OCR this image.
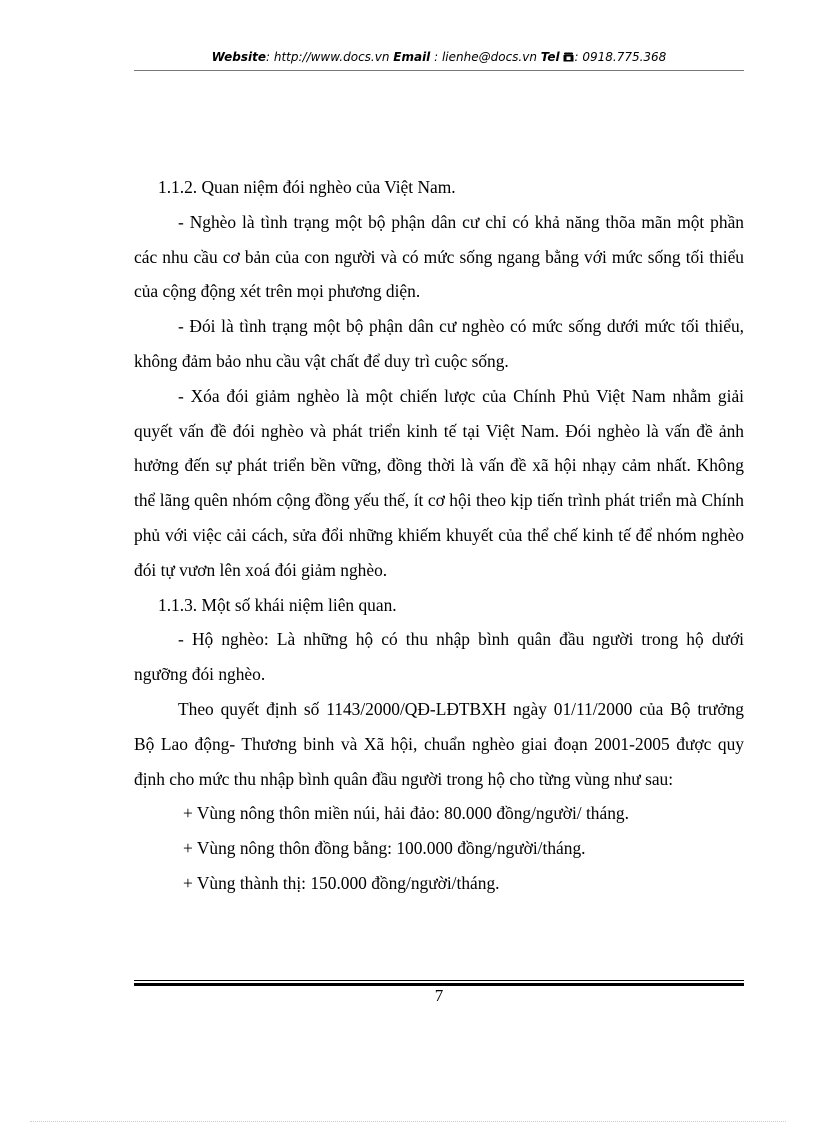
Website: http://www.docs.vn Email : lienhe@docs.vn Tel : 0918.775.368

1.1.2. Quan niệm đói nghèo của Việt Nam.

- Nghèo là tình trạng một bộ phận dân cư chỉ có khả năng thõa mãn một phần các nhu cầu cơ bản của con người và có mức sống ngang bằng với mức sống tối thiểu của cộng động xét trên mọi phương diện.

- Đói là tình trạng một bộ phận dân cư nghèo có mức sống dưới mức tối thiểu, không đảm bảo nhu cầu vật chất để duy trì cuộc sống.

- Xóa đói giảm nghèo là một chiến lược của Chính Phủ Việt Nam nhằm giải quyết vấn đề đói nghèo và phát triển kinh tế tại Việt Nam. Đói nghèo là vấn đề ảnh hưởng đến sự phát triển bền vững, đồng thời là vấn đề xã hội nhạy cảm nhất. Không thể lãng quên nhóm cộng đồng yếu thế, ít cơ hội theo kịp tiến trình phát triển mà Chính phủ với việc cải cách, sửa đổi những khiếm khuyết của thể chế kinh tế để nhóm nghèo đói tự vươn lên xoá đói giảm nghèo.

1.1.3. Một số khái niệm liên quan.

- Hộ nghèo: Là những hộ có thu nhập bình quân đầu người trong hộ dưới ngưỡng đói nghèo.

Theo quyết định số 1143/2000/QĐ-LĐTBXH ngày 01/11/2000 của Bộ trưởng Bộ Lao động- Thương binh và Xã hội, chuẩn nghèo giai đoạn 2001-2005 được quy định cho mức thu nhập bình quân đầu người trong hộ cho từng vùng như sau:

+ Vùng nông thôn miền núi, hải đảo: 80.000 đồng/người/ tháng.

+ Vùng nông thôn đồng bằng: 100.000 đồng/người/tháng.

+ Vùng thành thị: 150.000 đồng/người/tháng.

7
